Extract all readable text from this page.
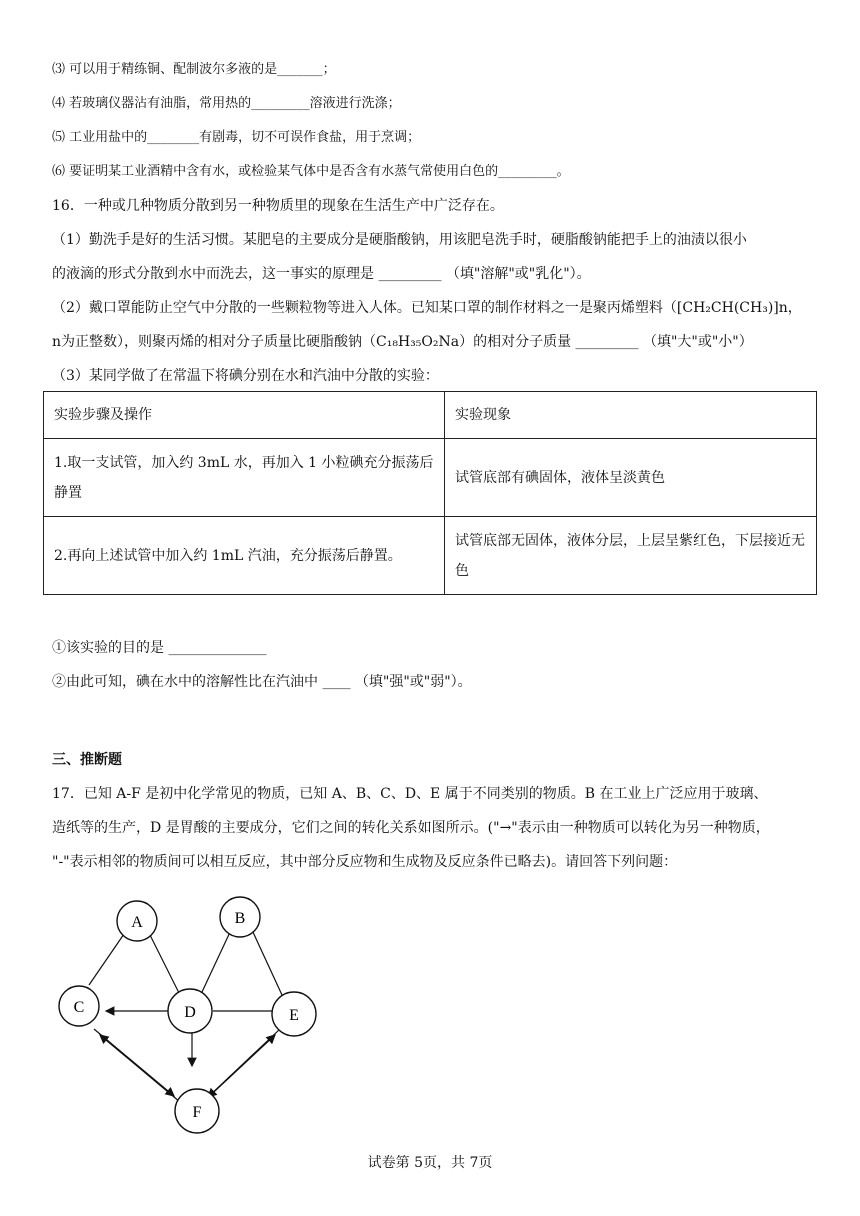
⑶ 可以用于精练铜、配制波尔多液的是_______；
⑷ 若玻璃仪器沾有油脂，常用热的_________溶液进行洗涤；
⑸ 工业用盐中的________有剧毒，切不可误作食盐，用于烹调；
⑹ 要证明某工业酒精中含有水，或检验某气体中是否含有水蒸气常使用白色的_________。
16．一种或几种物质分散到另一种物质里的现象在生活生产中广泛存在。
（1）勤洗手是好的生活习惯。某肥皂的主要成分是硬脂酸钠，用该肥皂洗手时，硬脂酸钠能把手上的油渍以很小
的液滴的形式分散到水中而洗去，这一事实的原理是 _________ （填"溶解"或"乳化"）。
（2）戴口罩能防止空气中分散的一些颗粒物等进入人体。已知某口罩的制作材料之一是聚丙烯塑料（[CH₂CH(CH₃)]n，
n为正整数），则聚丙烯的相对分子质量比硬脂酸钠（C₁₈H₃₅O₂Na）的相对分子质量 _________ （填"大"或"小"）
（3）某同学做了在常温下将碘分别在水和汽油中分散的实验：
实验步骤及操作	实验现象
1.取一支试管，加入约 3mL 水，再加入 1 小粒碘充分振荡后静置	试管底部有碘固体，液体呈淡黄色
2.再向上述试管中加入约 1mL 汽油，充分振荡后静置。	试管底部无固体，液体分层，上层呈紫红色，下层接近无色
①该实验的目的是 ______________
②由此可知，碘在水中的溶解性比在汽油中 ____ （填"强"或"弱"）。
三、推断题
17．已知 A-F 是初中化学常见的物质，已知 A、B、C、D、E 属于不同类别的物质。B 在工业上广泛应用于玻璃、
造纸等的生产，D 是胃酸的主要成分，它们之间的转化关系如图所示。("→"表示由一种物质可以转化为另一种物质，
"-"表示相邻的物质间可以相互反应，其中部分反应物和生成物及反应条件已略去)。请回答下列问题：
A	B
C	D	E
F
试卷第 5页，共 7页
